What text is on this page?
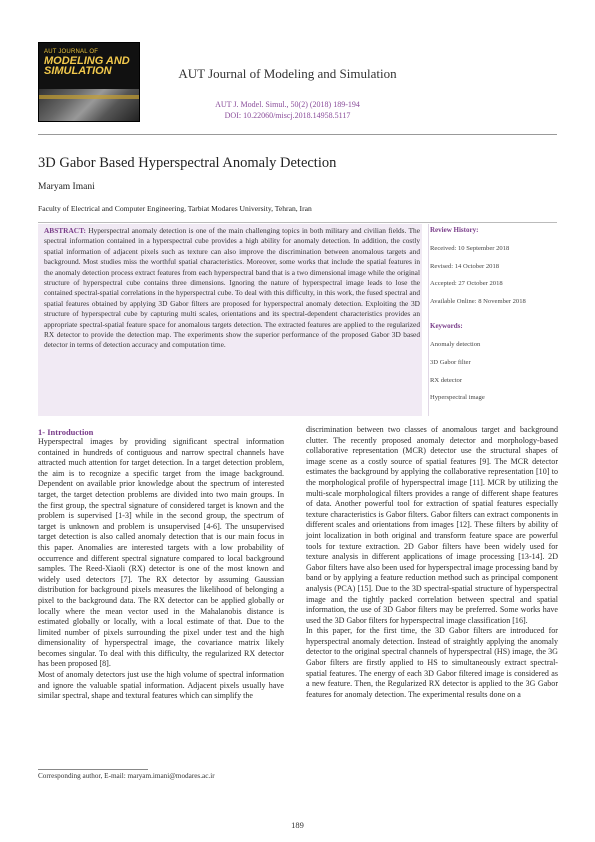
AUT JOURNAL OF
MODELING AND
SIMULATION	AUT Journal of Modeling and Simulation
AUT J. Model. Simul., 50(2) (2018) 189-194
DOI: 10.22060/miscj.2018.14958.5117
3D Gabor Based Hyperspectral Anomaly Detection
Maryam Imani
Faculty of Electrical and Computer Engineering, Tarbiat Modares University, Tehran, Iran
ABSTRACT: Hyperspectral anomaly detection is one of the main challenging topics in both military and civilian fields. The spectral information contained in a hyperspectral cube provides a high ability for anomaly detection. In addition, the costly spatial information of adjacent pixels such as texture can also improve the discrimination between anomalous targets and background. Most studies miss the worthful spatial characteristics. Moreover, some works that include the spatial features in the anomaly detection process extract features from each hyperspectral band that is a two dimensional image while the original structure of hyperspectral cube contains three dimensions. Ignoring the nature of hyperspectral image leads to lose the contained spectral-spatial correlations in the hyperspectral cube. To deal with this difficulty, in this work, the fused spectral and spatial features obtained by applying 3D Gabor filters are proposed for hyperspectral anomaly detection. Exploiting the 3D structure of hyperspectral cube by capturing multi scales, orientations and its spectral-dependent characteristics provides an appropriate spectral-spatial feature space for anomalous targets detection. The extracted features are applied to the regularized RX detector to provide the detection map. The experiments show the superior performance of the proposed Gabor 3D based detector in terms of detection accuracy and computation time.
Review History:
Received: 10 September 2018
Revised: 14 October 2018
Accepted: 27 October 2018
Available Online: 8 November 2018
Keywords:
Anomaly detection
3D Gabor filter
RX detector
Hyperspectral image
1- Introduction

Hyperspectral images by providing significant spectral information contained in hundreds of contiguous and narrow spectral channels have attracted much attention for target detection. In a target detection problem, the aim is to recognize a specific target from the image background. Dependent on available prior knowledge about the spectrum of interested target, the target detection problems are divided into two main groups. In the first group, the spectral signature of considered target is known and the problem is supervised [1-3] while in the second group, the spectrum of target is unknown and problem is unsupervised [4-6]. The unsupervised target detection is also called anomaly detection that is our main focus in this paper. Anomalies are interested targets with a low probability of occurrence and different spectral signature compared to local background samples. The Reed-Xiaoli (RX) detector is one of the most known and widely used detectors [7]. The RX detector by assuming Gaussian distribution for background pixels measures the likelihood of belonging a pixel to the background data. The RX detector can be applied globally or locally where the mean vector used in the Mahalanobis distance is estimated globally or locally, with a local estimate of that. Due to the limited number of pixels surrounding the pixel under test and the high dimensionality of hyperspectral image, the covariance matrix likely becomes singular. To deal with this difficulty, the regularized RX detector has been proposed [8].

Most of anomaly detectors just use the high volume of spectral information and ignore the valuable spatial information. Adjacent pixels usually have similar spectral, shape and textural features which can simplify the

discrimination between two classes of anomalous target and background clutter. The recently proposed anomaly detector and morphology-based collaborative representation (MCR) detector use the structural shapes of image scene as a costly source of spatial features [9]. The MCR detector estimates the background by applying the collaborative representation [10] to the morphological profile of hyperspectral image [11]. MCR by utilizing the multi-scale morphological filters provides a range of different shape features of data. Another powerful tool for extraction of spatial features especially texture characteristics is Gabor filters. Gabor filters can extract components in different scales and orientations from images [12]. These filters by ability of joint localization in both original and transform feature space are powerful tools for texture extraction. 2D Gabor filters have been widely used for texture analysis in different applications of image processing [13-14]. 2D Gabor filters have also been used for hyperspectral image processing band by band or by applying a feature reduction method such as principal component analysis (PCA) [15]. Due to the 3D spectral-spatial structure of hyperspectral image and the tightly packed correlation between spectral and spatial information, the use of 3D Gabor filters may be preferred. Some works have used the 3D Gabor filters for hyperspectral image classification [16].

In this paper, for the first time, the 3D Gabor filters are introduced for hyperspectral anomaly detection. Instead of straightly applying the anomaly detector to the original spectral channels of hyperspectral (HS) image, the 3G Gabor filters are firstly applied to HS to simultaneously extract spectral-spatial features. The energy of each 3D Gabor filtered image is considered as a new feature. Then, the Regularized RX detector is applied to the 3G Gabor features for anomaly detection. The experimental results done on a

Corresponding author, E-mail: maryam.imani@modares.ac.ir
189
